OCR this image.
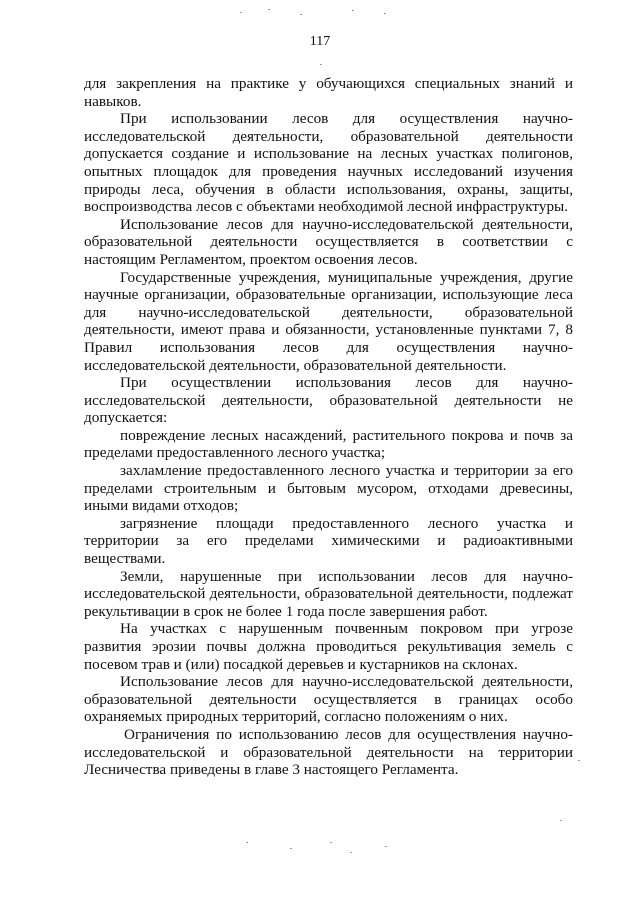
117

для закрепления на практике у обучающихся специальных знаний и навыков.

При использовании лесов для осуществления научно-исследовательской деятельности, образовательной деятельности допускается создание и использование на лесных участках полигонов, опытных площадок для проведения научных исследований изучения природы леса, обучения в области использования, охраны, защиты, воспроизводства лесов с объектами необходимой лесной инфраструктуры.

Использование лесов для научно-исследовательской деятельности, образовательной деятельности осуществляется в соответствии с настоящим Регламентом, проектом освоения лесов.

Государственные учреждения, муниципальные учреждения, другие научные организации, образовательные организации, использующие леса для научно-исследовательской деятельности, образовательной деятельности, имеют права и обязанности, установленные пунктами 7, 8 Правил использования лесов для осуществления научно-исследовательской деятельности, образовательной деятельности.

При осуществлении использования лесов для научно-исследовательской деятельности, образовательной деятельности не допускается:

повреждение лесных насаждений, растительного покрова и почв за пределами предоставленного лесного участка;

захламление предоставленного лесного участка и территории за его пределами строительным и бытовым мусором, отходами древесины, иными видами отходов;

загрязнение площади предоставленного лесного участка и территории за его пределами химическими и радиоактивными веществами.

Земли, нарушенные при использовании лесов для научно-исследовательской деятельности, образовательной деятельности, подлежат рекультивации в срок не более 1 года после завершения работ.

На участках с нарушенным почвенным покровом при угрозе развития эрозии почвы должна проводиться рекультивация земель с посевом трав и (или) посадкой деревьев и кустарников на склонах.

Использование лесов для научно-исследовательской деятельности, образовательной деятельности осуществляется в границах особо охраняемых природных территорий, согласно положениям о них.

Ограничения по использованию лесов для осуществления научно-исследовательской и образовательной деятельности на территории Лесничества приведены в главе 3 настоящего Регламента.
